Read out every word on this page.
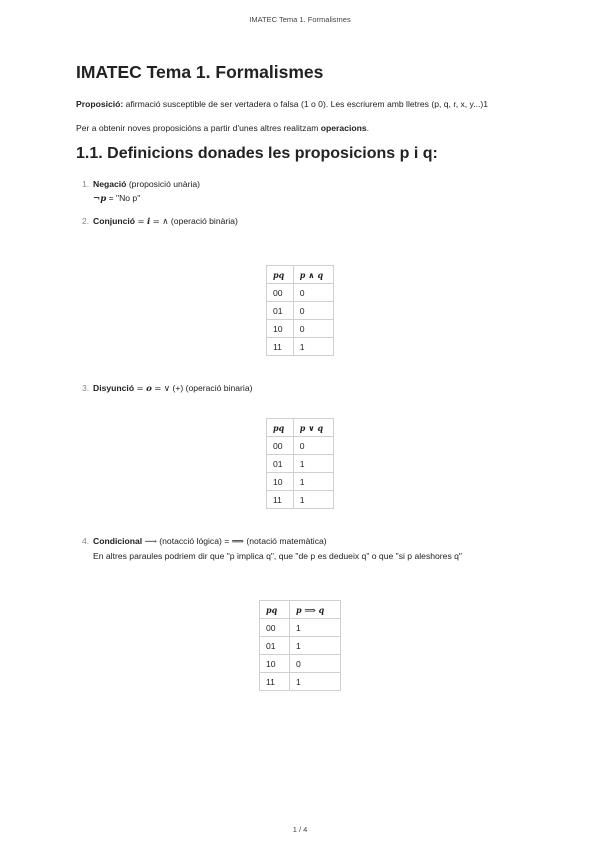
IMATEC Tema 1. Formalismes
IMATEC Tema 1. Formalismes

Proposició: afirmació susceptible de ser vertadera o falsa (1 o 0). Les escriurem amb lletres (p, q, r, x, y...)1

Per a obtenir noves proposicións a partir d'unes altres realitzam operacions.

1.1. Definicions donades les proposicions p i q:
1. Negació (proposició unària)
¬p = "No p"
2. Conjunció = i = ∧ (operació binària)
pq	p ∧ q
00	0
01	0
10	0
11	1
3. Disyunció = o = ∨ (+) (operació binaria)
pq	p ∨ q
00	0
01	1
10	1
11	1
4. Condicional ⟶ (notacció lógica) = ⟹ (notació matemàtica)
En altres paraules podriem dir que "p implica q", que "de p es dedueix q" o que "si p aleshores q"
pq	p ⟹ q
00	1
01	1
10	0
11	1
1 / 4
